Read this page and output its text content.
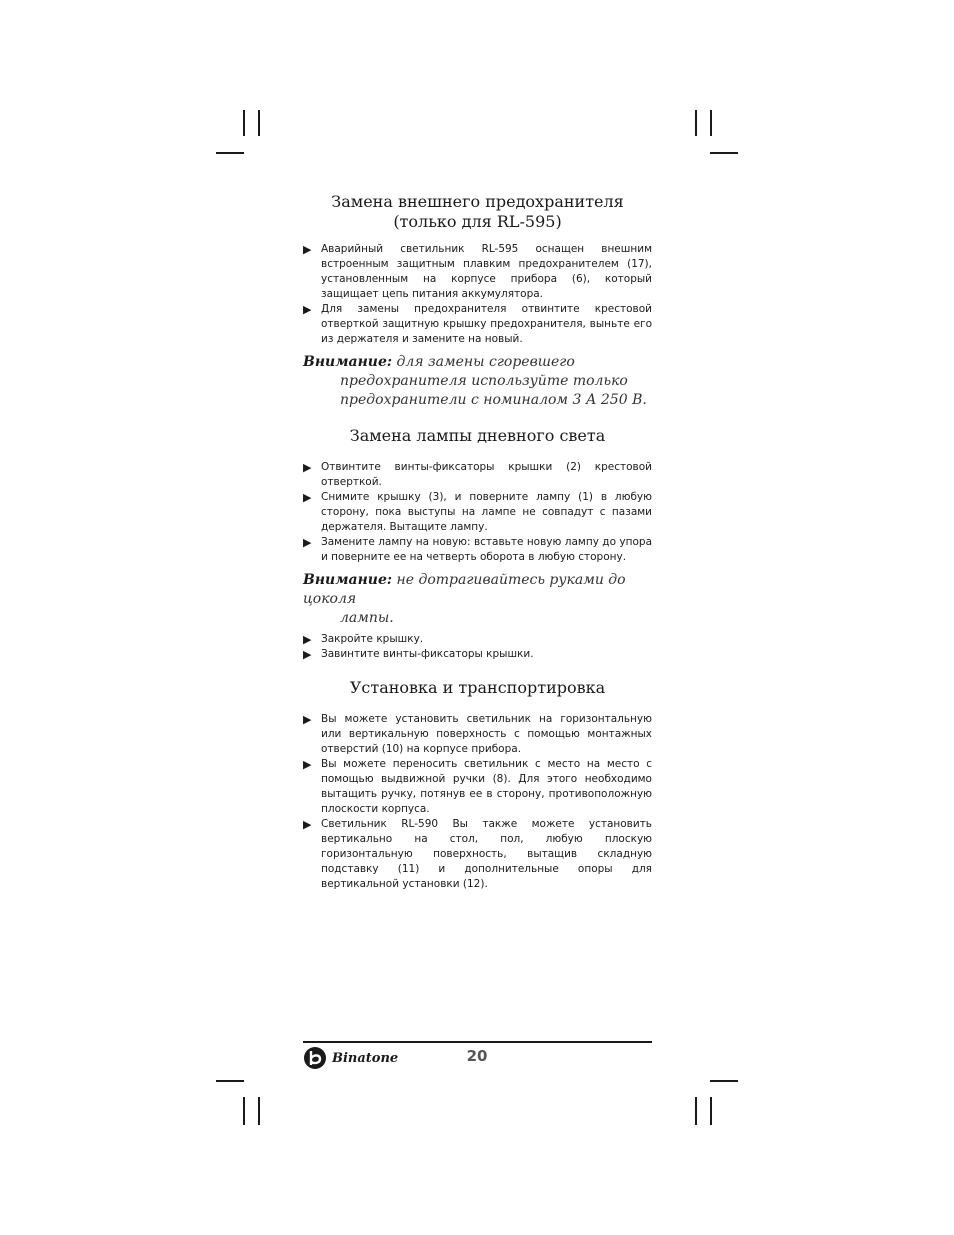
Замена внешнего предохранителя
(только для RL-595)
▶ Аварийный светильник RL-595 оснащен внешним встроенным защитным плавким предохранителем (17), установленным на корпусе прибора (6), который защищает цепь питания аккумулятора.
▶ Для замены предохранителя отвинтите крестовой отверткой защитную крышку предохранителя, выньте его из держателя и замените на новый.
Внимание: для замены сгоревшего
предохранителя используйте только
предохранители с номиналом 3 А 250 В.
Замена лампы дневного света
▶ Отвинтите винты-фиксаторы крышки (2) крестовой отверткой.
▶ Снимите крышку (3), и поверните лампу (1) в любую сторону, пока выступы на лампе не совпадут с пазами держателя. Вытащите лампу.
▶ Замените лампу на новую: вставьте новую лампу до упора и поверните ее на четверть оборота в любую сторону.
Внимание: не дотрагивайтесь руками до цоколя
лампы.
▶ Закройте крышку.
▶ Завинтите винты-фиксаторы крышки.
Установка и транспортировка
▶ Вы можете установить светильник на горизонтальную или вертикальную поверхность с помощью монтажных отверстий (10) на корпусе прибора.
▶ Вы можете переносить светильник с место на место с помощью выдвижной ручки (8). Для этого необходимо вытащить ручку, потянув ее в сторону, противоположную плоскости корпуса.
▶ Светильник RL-590 Вы также можете установить вертикально на стол, пол, любую плоскую горизонтальную поверхность, вытащив складную подставку (11) и дополнительные опоры для вертикальной установки (12).
Binatone	20
